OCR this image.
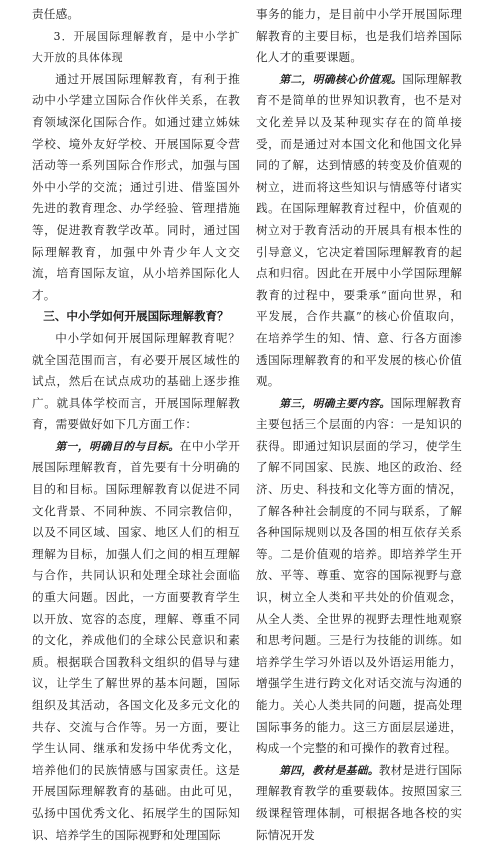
责任感。

3．开展国际理解教育，是中小学扩大开放的具体体现

通过开展国际理解教育，有利于推动中小学建立国际合作伙伴关系，在教育领域深化国际合作。如通过建立姊妹学校、境外友好学校、开展国际夏令营活动等一系列国际合作形式，加强与国外中小学的交流；通过引进、借鉴国外先进的教育理念、办学经验、管理措施等，促进教育教学改革。同时，通过国际理解教育，加强中外青少年人文交流，培育国际友谊，从小培养国际化人才。

三、中小学如何开展国际理解教育？

中小学如何开展国际理解教育呢？就全国范围而言，有必要开展区域性的试点，然后在试点成功的基础上逐步推广。就具体学校而言，开展国际理解教育，需要做好如下几方面工作：

第一，明确目的与目标。在中小学开展国际理解教育，首先要有十分明确的目的和目标。国际理解教育以促进不同文化背景、不同种族、不同宗教信仰，以及不同区域、国家、地区人们的相互理解为目标，加强人们之间的相互理解与合作，共同认识和处理全球社会面临的重大问题。因此，一方面要教育学生以开放、宽容的态度，理解、尊重不同的文化，养成他们的全球公民意识和素质。根据联合国教科文组织的倡导与建议，让学生了解世界的基本问题，国际组织及其活动，各国文化及多元文化的共存、交流与合作等。另一方面，要让学生认同、继承和发扬中华优秀文化，培养他们的民族情感与国家责任。这是开展国际理解教育的基础。由此可见，弘扬中国优秀文化、拓展学生的国际知识、培养学生的国际视野和处理国际

事务的能力，是目前中小学开展国际理解教育的主要目标，也是我们培养国际化人才的重要课题。

第二，明确核心价值观。国际理解教育不是简单的世界知识教育，也不是对文化差异以及某种现实存在的简单接受，而是通过对本国文化和他国文化异同的了解，达到情感的转变及价值观的树立，进而将这些知识与情感等付诸实践。在国际理解教育过程中，价值观的树立对于教育活动的开展具有根本性的引导意义，它决定着国际理解教育的起点和归宿。因此在开展中小学国际理解教育的过程中，要秉承“面向世界，和平发展，合作共赢”的核心价值取向，在培养学生的知、情、意、行各方面渗透国际理解教育的和平发展的核心价值观。

第三，明确主要内容。国际理解教育主要包括三个层面的内容：一是知识的获得。即通过知识层面的学习，使学生了解不同国家、民族、地区的政治、经济、历史、科技和文化等方面的情况，了解各种社会制度的不同与联系，了解各种国际规则以及各国的相互依存关系等。二是价值观的培养。即培养学生开放、平等、尊重、宽容的国际视野与意识，树立全人类和平共处的价值观念，从全人类、全世界的视野去理性地观察和思考问题。三是行为技能的训练。如培养学生学习外语以及外语运用能力，增强学生进行跨文化对话交流与沟通的能力。关心人类共同的问题，提高处理国际事务的能力。这三方面层层递进，构成一个完整的和可操作的教育过程。

第四，教材是基础。教材是进行国际理解教育教学的重要载体。按照国家三级课程管理体制，可根据各地各校的实际情况开发
